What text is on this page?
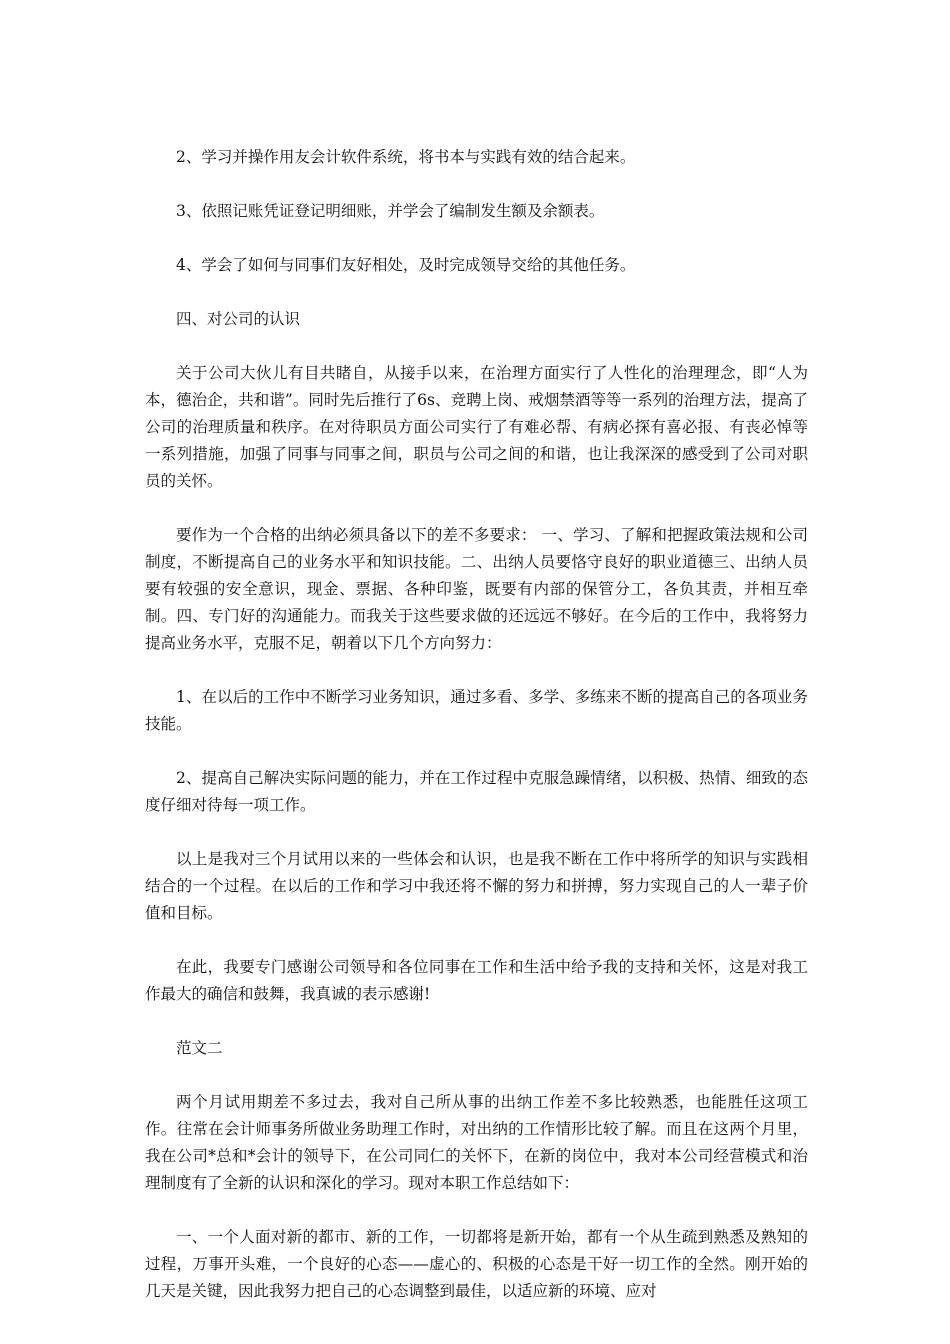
2、学习并操作用友会计软件系统，将书本与实践有效的结合起来。

3、依照记账凭证登记明细账，并学会了编制发生额及余额表。

4、学会了如何与同事们友好相处，及时完成领导交给的其他任务。

四、对公司的认识

关于公司大伙儿有目共睹自，从接手以来，在治理方面实行了人性化的治理理念，即“人为本，德治企，共和谐”。同时先后推行了6s、竞聘上岗、戒烟禁酒等等一系列的治理方法，提高了公司的治理质量和秩序。在对待职员方面公司实行了有难必帮、有病必探有喜必报、有丧必悼等一系列措施，加强了同事与同事之间，职员与公司之间的和谐，也让我深深的感受到了公司对职员的关怀。

要作为一个合格的出纳必须具备以下的差不多要求： 一、学习、了解和把握政策法规和公司制度，不断提高自己的业务水平和知识技能。二、出纳人员要恪守良好的职业道德三、出纳人员要有较强的安全意识，现金、票据、各种印鉴，既要有内部的保管分工，各负其责，并相互牵制。四、专门好的沟通能力。而我关于这些要求做的还远远不够好。在今后的工作中，我将努力提高业务水平，克服不足，朝着以下几个方向努力：

1、在以后的工作中不断学习业务知识，通过多看、多学、多练来不断的提高自己的各项业务技能。

2、提高自己解决实际问题的能力，并在工作过程中克服急躁情绪，以积极、热情、细致的态度仔细对待每一项工作。

以上是我对三个月试用以来的一些体会和认识，也是我不断在工作中将所学的知识与实践相结合的一个过程。在以后的工作和学习中我还将不懈的努力和拼搏，努力实现自己的人一辈子价值和目标。

在此，我要专门感谢公司领导和各位同事在工作和生活中给予我的支持和关怀，这是对我工作最大的确信和鼓舞，我真诚的表示感谢!

范文二

两个月试用期差不多过去，我对自己所从事的出纳工作差不多比较熟悉，也能胜任这项工作。往常在会计师事务所做业务助理工作时，对出纳的工作情形比较了解。而且在这两个月里，我在公司*总和*会计的领导下，在公司同仁的关怀下，在新的岗位中，我对本公司经营模式和治理制度有了全新的认识和深化的学习。现对本职工作总结如下：

一、一个人面对新的都市、新的工作，一切都将是新开始，都有一个从生疏到熟悉及熟知的过程，万事开头难，一个良好的心态——虚心的、积极的心态是干好一切工作的全然。刚开始的几天是关键，因此我努力把自己的心态调整到最佳，以适应新的环境、应对
